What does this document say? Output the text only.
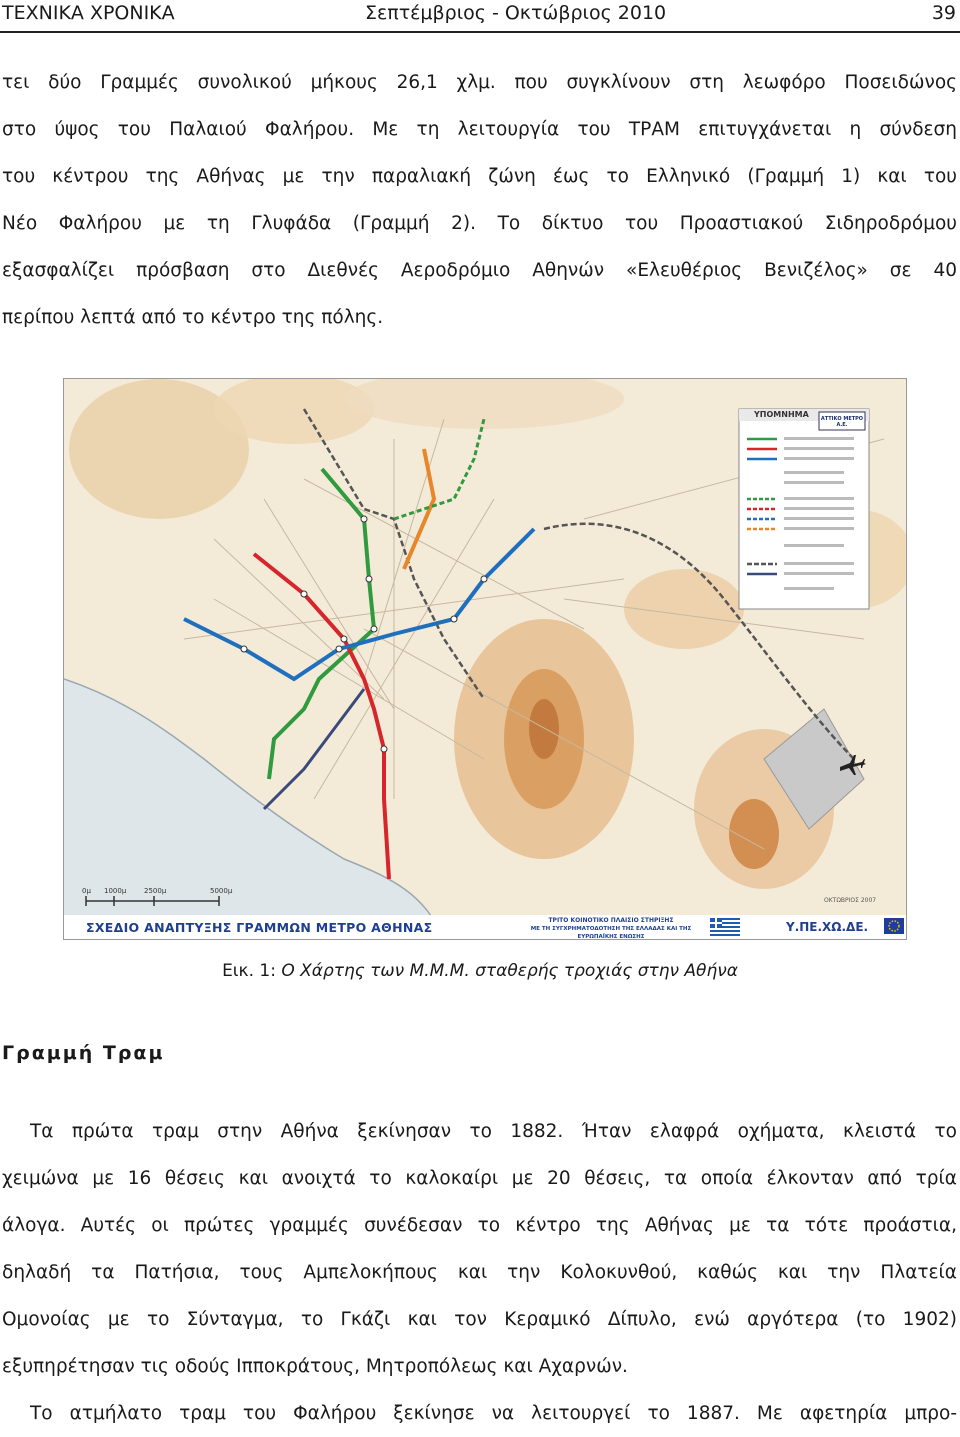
ΤΕΧΝΙΚΑ ΧΡΟΝΙΚΑ	Σεπτέμβριος - Οκτώβριος 2010	39
τει δύο Γραμμές συνολικού μήκους 26,1 χλμ. που συγκλίνουν στη λεωφόρο Ποσειδώνος
στο ύψος του Παλαιού Φαλήρου. Με τη λειτουργία του ΤΡΑΜ επιτυγχάνεται η σύνδεση
του κέντρου της Αθήνας με την παραλιακή ζώνη έως το Ελληνικό (Γραμμή 1) και του
Νέο Φαλήρου με τη Γλυφάδα (Γραμμή 2). Το δίκτυο του Προαστιακού Σιδηροδρόμου
εξασφαλίζει πρόσβαση στο Διεθνές Αεροδρόμιο Αθηνών «Ελευθέριος Βενιζέλος» σε 40
περίπου λεπτά από το κέντρο της πόλης.
ΥΠΟΜΝΗΜΑ ΑΤΤΙΚΟ ΜΕΤΡΟ Α.Ε.
0μ 1000μ	2500μ	5000μ
ΟΚΤΩΒΡΙΟΣ 2007
ΣΧΕΔΙΟ ΑΝΑΠΤΥΞΗΣ ΓΡΑΜΜΩΝ ΜΕΤΡΟ ΑΘΗΝΑΣ	ΤΡΙΤΟ ΚΟΙΝΟΤΙΚΟ ΠΛΑΙΣΙΟ ΣΤΗΡΙΞΗΣ
ΜΕ ΤΗ ΣΥΓΧΡΗΜΑΤΟΔΟΤΗΣΗ ΤΗΣ ΕΛΛΑΔΑΣ ΚΑΙ ΤΗΣ ΕΥΡΩΠΑΪΚΗΣ ΕΝΩΣΗΣ
Υ.ΠΕ.ΧΩ.ΔΕ.
Εικ. 1: Ο Χάρτης των Μ.Μ.Μ. σταθερής τροχιάς στην Αθήνα
Γραμμή Τραμ
Τα πρώτα τραμ στην Αθήνα ξεκίνησαν το 1882. Ήταν ελαφρά οχήματα, κλειστά το
χειμώνα με 16 θέσεις και ανοιχτά το καλοκαίρι με 20 θέσεις, τα οποία έλκονταν από τρία
άλογα. Αυτές οι πρώτες γραμμές συνέδεσαν το κέντρο της Αθήνας με τα τότε προάστια,
δηλαδή τα Πατήσια, τους Αμπελοκήπους και την Κολοκυνθού, καθώς και την Πλατεία
Ομονοίας με το Σύνταγμα, το Γκάζι και τον Κεραμικό Δίπυλο, ενώ αργότερα (το 1902)
εξυπηρέτησαν τις οδούς Ιπποκράτους, Μητροπόλεως και Αχαρνών.
Το ατμήλατο τραμ του Φαλήρου ξεκίνησε να λειτουργεί το 1887. Με αφετηρία μπρο-
